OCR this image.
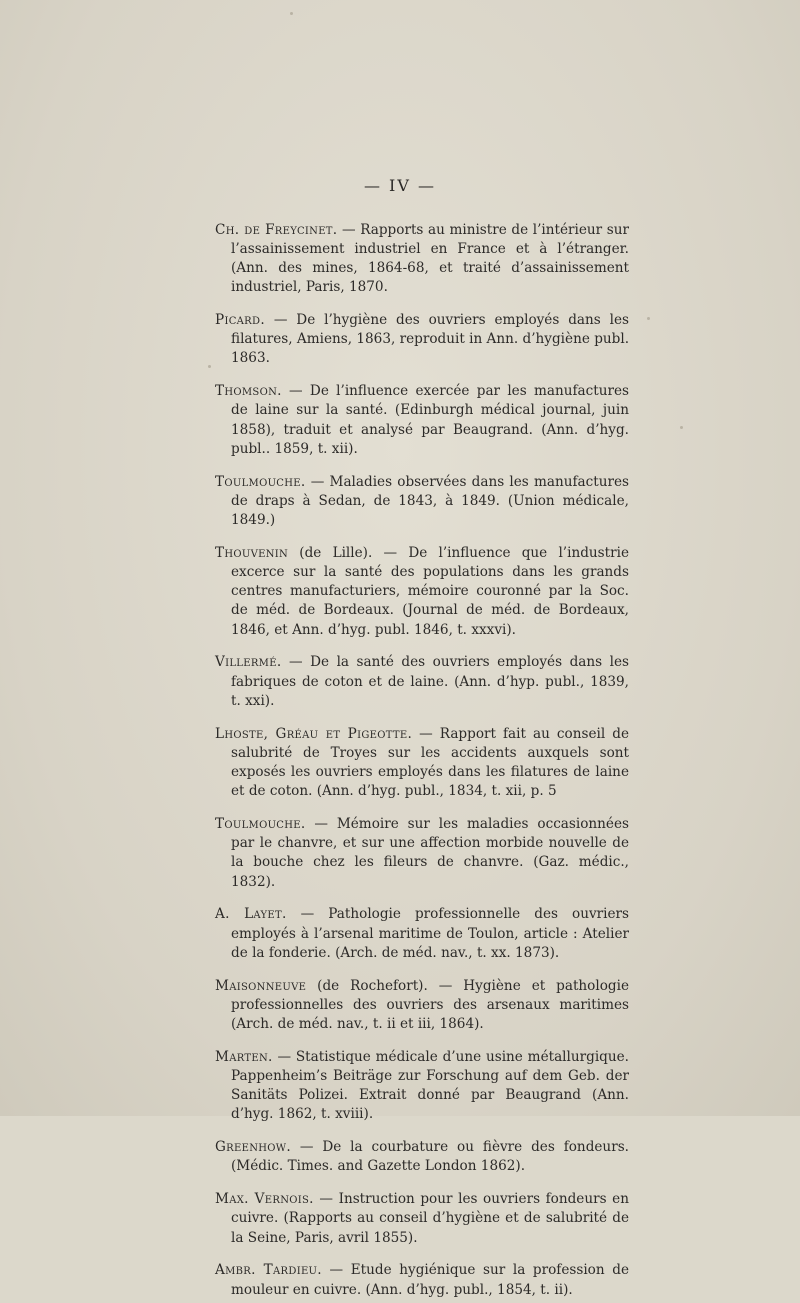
— IV —

Ch. de Freycinet. — Rapports au ministre de l’intérieur sur l’assainissement industriel en France et à l’étranger. (Ann. des mines, 1864-68, et traité d’assainissement industriel, Paris, 1870.

Picard. — De l’hygiène des ouvriers employés dans les filatures, Amiens, 1863, reproduit in Ann. d’hygiène publ. 1863.

Thomson. — De l’influence exercée par les manufactures de laine sur la santé. (Edinburgh médical journal, juin 1858), traduit et analysé par Beaugrand. (Ann. d’hyg. publ.. 1859, t. xii).

Toulmouche. — Maladies observées dans les manufactures de draps à Sedan, de 1843, à 1849. (Union médicale, 1849.)

Thouvenin (de Lille). — De l’influence que l’industrie excerce sur la santé des populations dans les grands centres manufacturiers, mémoire couronné par la Soc. de méd. de Bordeaux. (Journal de méd. de Bordeaux, 1846, et Ann. d’hyg. publ. 1846, t. xxxvi).

Villermé. — De la santé des ouvriers employés dans les fabriques de coton et de laine. (Ann. d’hyp. publ., 1839, t. xxi).

Lhoste, Gréau et Pigeotte. — Rapport fait au conseil de salubrité de Troyes sur les accidents auxquels sont exposés les ouvriers employés dans les filatures de laine et de coton. (Ann. d’hyg. publ., 1834, t. xii, p. 5

Toulmouche. — Mémoire sur les maladies occasionnées par le chanvre, et sur une affection morbide nouvelle de la bouche chez les fileurs de chanvre. (Gaz. médic., 1832).

A. Layet. — Pathologie professionnelle des ouvriers employés à l’arsenal maritime de Toulon, article : Atelier de la fonderie. (Arch. de méd. nav., t. xx. 1873).

Maisonneuve (de Rochefort). — Hygiène et pathologie professionnelles des ouvriers des arsenaux maritimes (Arch. de méd. nav., t. ii et iii, 1864).

Marten. — Statistique médicale d’une usine métallurgique. Pappenheim’s Beiträge zur Forschung auf dem Geb. der Sanitäts Polizei. Extrait donné par Beaugrand (Ann. d’hyg. 1862, t. xviii).

Greenhow. — De la courbature ou fièvre des fondeurs. (Médic. Times. and Gazette London 1862).

Max. Vernois. — Instruction pour les ouvriers fondeurs en cuivre. (Rapports au conseil d’hygiène et de salubrité de la Seine, Paris, avril 1855).

Ambr. Tardieu. — Etude hygiénique sur la profession de mouleur en cuivre. (Ann. d’hyg. publ., 1854, t. ii).
